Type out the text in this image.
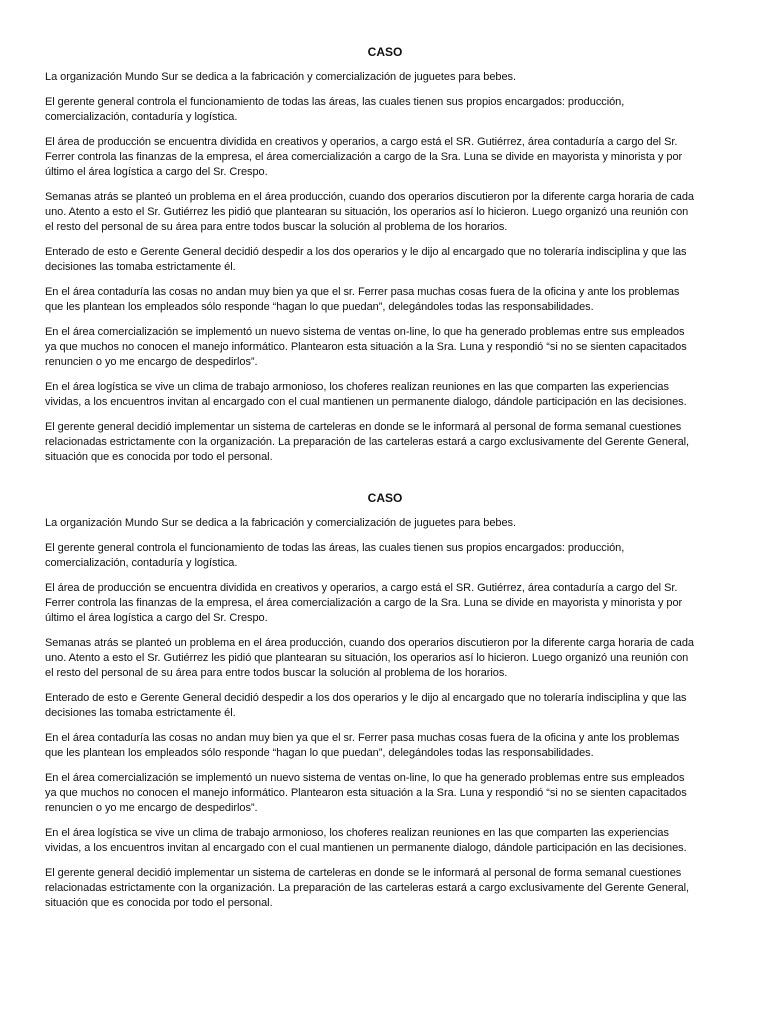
CASO

La organización Mundo Sur se dedica a la fabricación y comercialización de juguetes para bebes.

El gerente general controla el funcionamiento de todas las áreas, las cuales tienen sus propios encargados: producción,
comercialización, contaduría y logística.

El área de producción se encuentra dividida en creativos y operarios, a cargo está el SR. Gutiérrez, área contaduría a cargo del Sr.
Ferrer controla las finanzas de la empresa, el área comercialización a cargo de la Sra. Luna se divide en mayorista y minorista y por
último el área logística a cargo del Sr. Crespo.

Semanas atrás se planteó un problema en el área producción, cuando dos operarios discutieron por la diferente carga horaria de cada
uno. Atento a esto el Sr. Gutiérrez les pidió que plantearan su situación, los operarios así lo hicieron. Luego organizó una reunión con
el resto del personal de su área para entre todos buscar la solución al problema de los horarios.

Enterado de esto e Gerente General decidió despedir a los dos operarios y le dijo al encargado que no toleraría indisciplina y que las
decisiones las tomaba estrictamente él.

En el área contaduría las cosas no andan muy bien ya que el sr. Ferrer pasa muchas cosas fuera de la oficina y ante los problemas
que les plantean los empleados sólo responde “hagan lo que puedan”, delegándoles todas las responsabilidades.

En el área comercialización se implementó un nuevo sistema de ventas on-line, lo que ha generado problemas entre sus empleados
ya que muchos no conocen el manejo informático. Plantearon esta situación a la Sra. Luna y respondió “si no se sienten capacitados
renuncien o yo me encargo de despedirlos”.

En el área logística se vive un clima de trabajo armonioso, los choferes realizan reuniones en las que comparten las experiencias
vividas, a los encuentros invitan al encargado con el cual mantienen un permanente dialogo, dándole participación en las decisiones.

El gerente general decidió implementar un sistema de carteleras en donde se le informará al personal de forma semanal cuestiones
relacionadas estrictamente con la organización. La preparación de las carteleras estará a cargo exclusivamente del Gerente General,
situación que es conocida por todo el personal.

CASO

La organización Mundo Sur se dedica a la fabricación y comercialización de juguetes para bebes.

El gerente general controla el funcionamiento de todas las áreas, las cuales tienen sus propios encargados: producción,
comercialización, contaduría y logística.

El área de producción se encuentra dividida en creativos y operarios, a cargo está el SR. Gutiérrez, área contaduría a cargo del Sr.
Ferrer controla las finanzas de la empresa, el área comercialización a cargo de la Sra. Luna se divide en mayorista y minorista y por
último el área logística a cargo del Sr. Crespo.

Semanas atrás se planteó un problema en el área producción, cuando dos operarios discutieron por la diferente carga horaria de cada
uno. Atento a esto el Sr. Gutiérrez les pidió que plantearan su situación, los operarios así lo hicieron. Luego organizó una reunión con
el resto del personal de su área para entre todos buscar la solución al problema de los horarios.

Enterado de esto e Gerente General decidió despedir a los dos operarios y le dijo al encargado que no toleraría indisciplina y que las
decisiones las tomaba estrictamente él.

En el área contaduría las cosas no andan muy bien ya que el sr. Ferrer pasa muchas cosas fuera de la oficina y ante los problemas
que les plantean los empleados sólo responde “hagan lo que puedan”, delegándoles todas las responsabilidades.

En el área comercialización se implementó un nuevo sistema de ventas on-line, lo que ha generado problemas entre sus empleados
ya que muchos no conocen el manejo informático. Plantearon esta situación a la Sra. Luna y respondió “si no se sienten capacitados
renuncien o yo me encargo de despedirlos”.

En el área logística se vive un clima de trabajo armonioso, los choferes realizan reuniones en las que comparten las experiencias
vividas, a los encuentros invitan al encargado con el cual mantienen un permanente dialogo, dándole participación en las decisiones.

El gerente general decidió implementar un sistema de carteleras en donde se le informará al personal de forma semanal cuestiones
relacionadas estrictamente con la organización. La preparación de las carteleras estará a cargo exclusivamente del Gerente General,
situación que es conocida por todo el personal.
